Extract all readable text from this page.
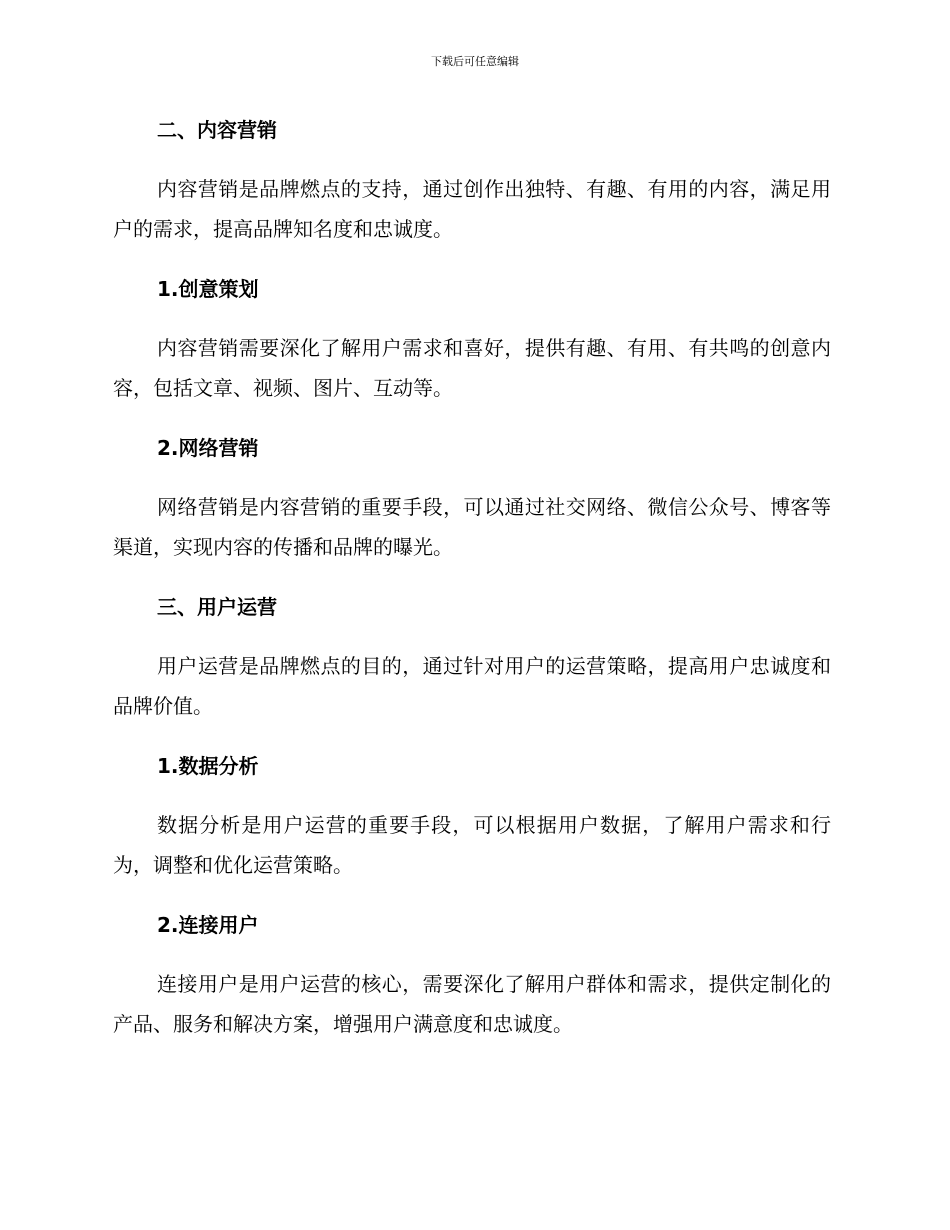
下载后可任意编辑
二、内容营销

内容营销是品牌燃点的支持，通过创作出独特、有趣、有用的内容，满足用户的需求，提高品牌知名度和忠诚度。

1.创意策划

内容营销需要深化了解用户需求和喜好，提供有趣、有用、有共鸣的创意内容，包括文章、视频、图片、互动等。

2.网络营销

网络营销是内容营销的重要手段，可以通过社交网络、微信公众号、博客等渠道，实现内容的传播和品牌的曝光。

三、用户运营

用户运营是品牌燃点的目的，通过针对用户的运营策略，提高用户忠诚度和品牌价值。

1.数据分析

数据分析是用户运营的重要手段，可以根据用户数据，了解用户需求和行为，调整和优化运营策略。

2.连接用户

连接用户是用户运营的核心，需要深化了解用户群体和需求，提供定制化的产品、服务和解决方案，增强用户满意度和忠诚度。
